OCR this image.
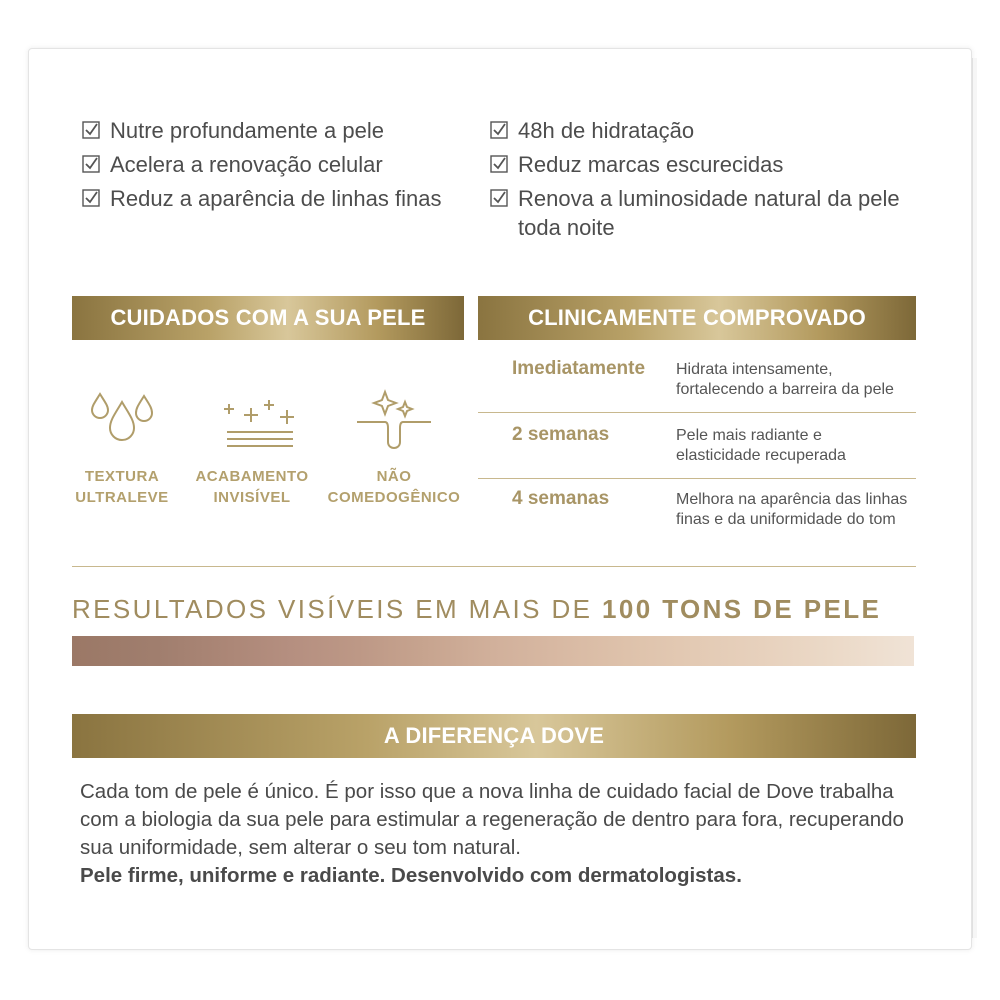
Nutre profundamente a pele
Acelera a renovação celular
Reduz a aparência de linhas finas
48h de hidratação
Reduz marcas escurecidas
Renova a luminosidade natural da pele toda noite
CUIDADOS COM A SUA PELE	CLINICAMENTE COMPROVADO
TEXTURA
ULTRALEVE
ACABAMENTO
INVISÍVEL
NÃO
COMEDOGÊNICO
Imediatamente Hidrata intensamente,
fortalecendo a barreira da pele
2 semanas	Pele mais radiante e
elasticidade recuperada
4 semanas	Melhora na aparência das linhas
finas e da uniformidade do tom
RESULTADOS VISÍVEIS EM MAIS DE 100 TONS DE PELE
A DIFERENÇA DOVE
Cada tom de pele é único. É por isso que a nova linha de cuidado facial de Dove trabalha com a biologia da sua pele para estimular a regeneração de dentro para fora, recuperando sua uniformidade, sem alterar o seu tom natural.
Pele firme, uniforme e radiante. Desenvolvido com dermatologistas.
